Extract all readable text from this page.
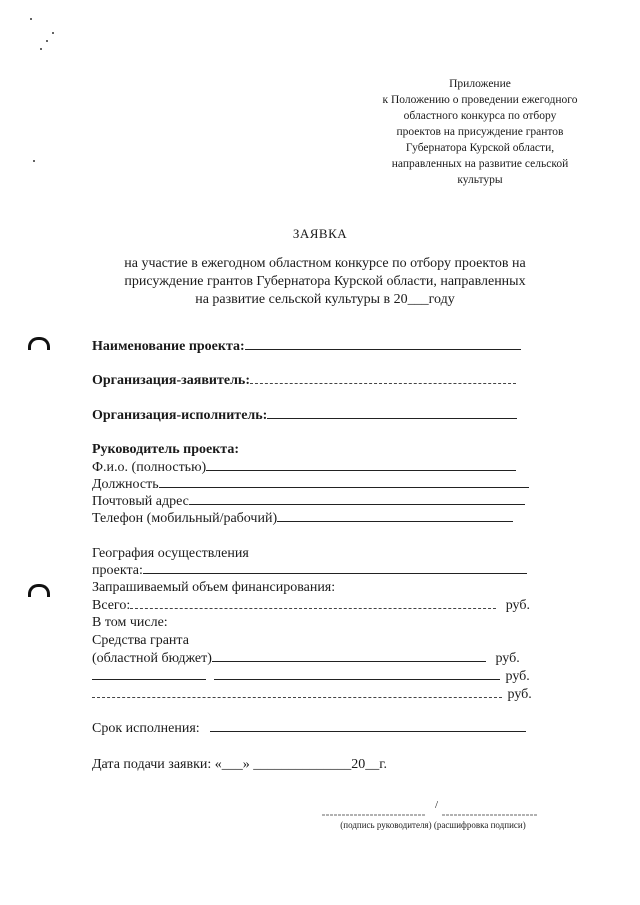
Приложение
к Положению о проведении ежегодного
областного конкурса по отбору
проектов на присуждение грантов
Губернатора Курской области,
направленных на развитие сельской
культуры
ЗАЯВКА
на участие в ежегодном областном конкурсе по отбору проектов на
присуждение грантов Губернатора Курской области, направленных
на развитие сельской культуры в 20___году
Наименование проекта:
Организация-заявитель:
Организация-исполнитель:
Руководитель проекта:
Ф.и.о. (полностью)
Должность
Почтовый адрес
Телефон (мобильный/рабочий)
География осуществления
проекта:
Запрашиваемый объем финансирования:
Всего:	руб.
В том числе:
Средства гранта
(областной бюджет)	руб.
руб.
руб.
Срок исполнения:
Дата подачи заявки: «___» ______________20__г.
/
(подпись руководителя) (расшифровка подписи)
